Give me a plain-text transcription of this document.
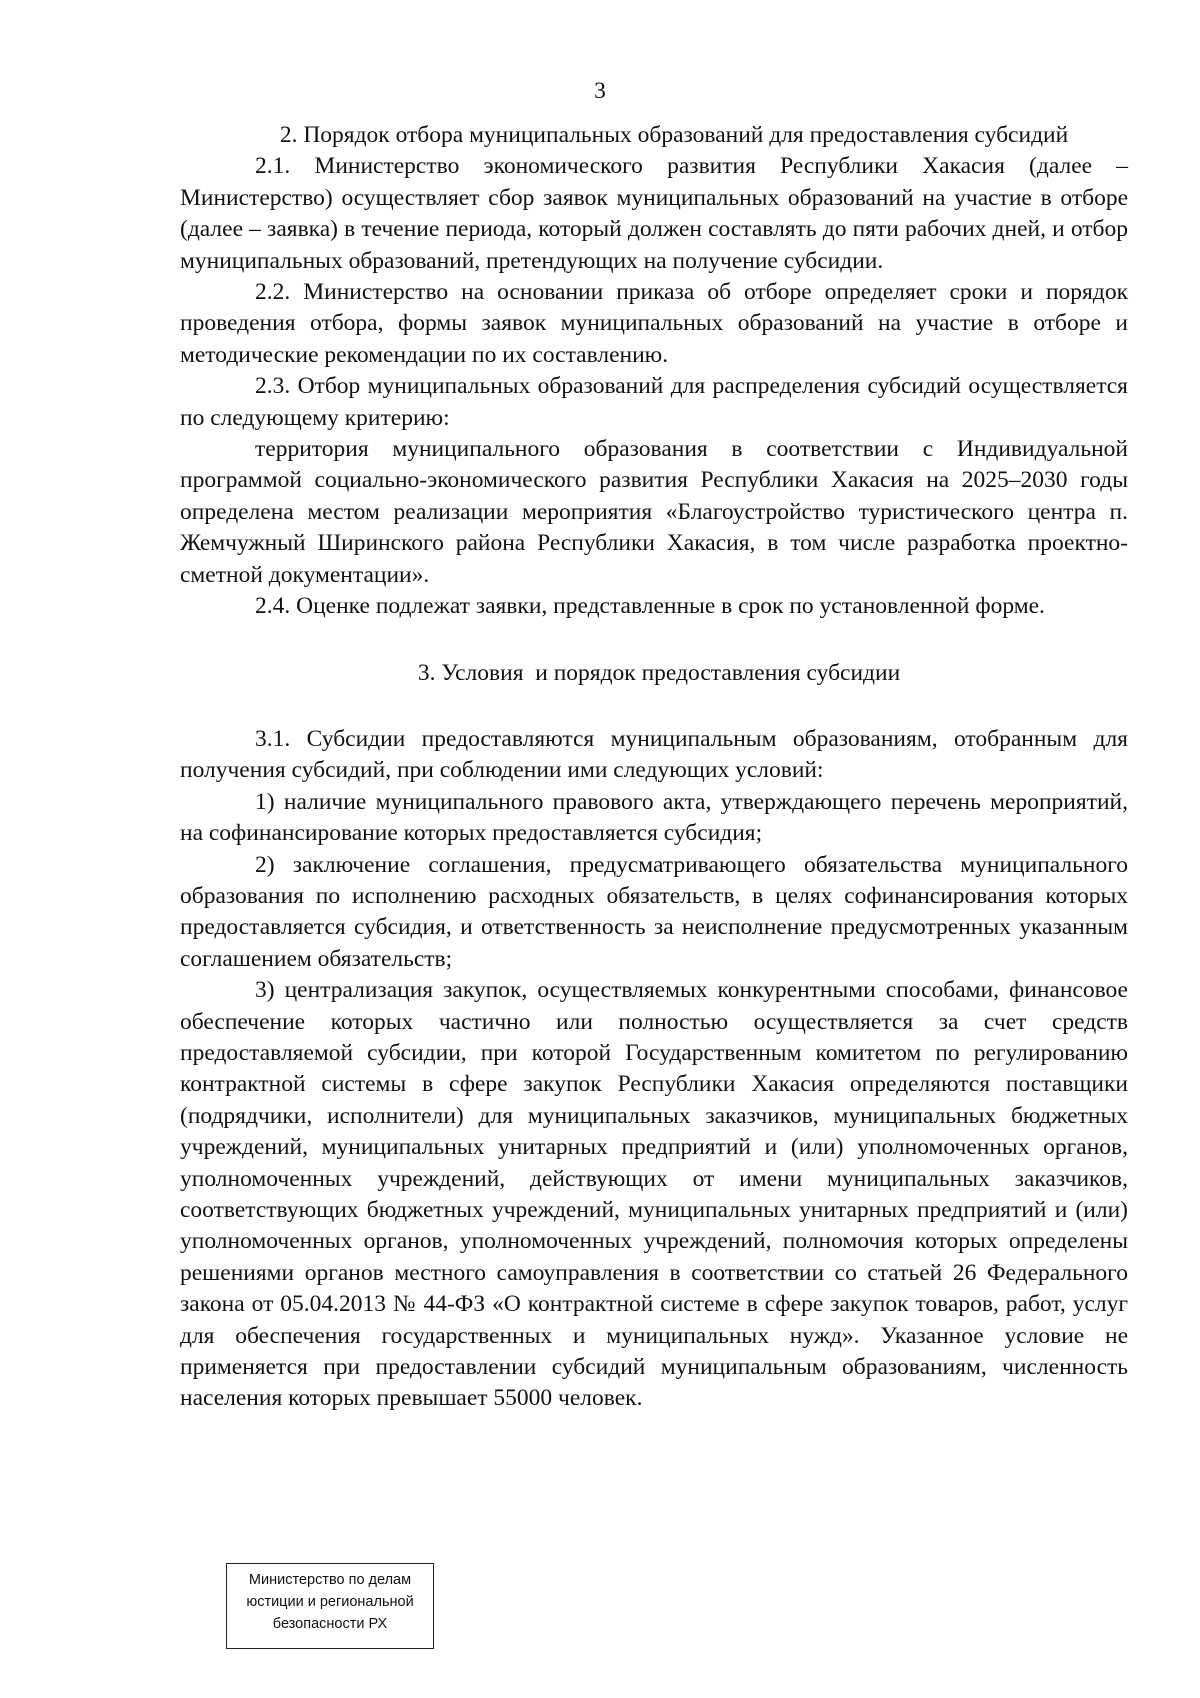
3

2. Порядок отбора муниципальных образований для предоставления субсидий

2.1. Министерство экономического развития Республики Хакасия (далее – Министерство) осуществляет сбор заявок муниципальных образований на участие в отборе (далее – заявка) в течение периода, который должен составлять до пяти рабочих дней, и отбор муниципальных образований, претендующих на получение субсидии.

2.2. Министерство на основании приказа об отборе определяет сроки и порядок проведения отбора, формы заявок муниципальных образований на участие в отборе и методические рекомендации по их составлению.

2.3. Отбор муниципальных образований для распределения субсидий осуществляется по следующему критерию:

территория муниципального образования в соответствии с Индивидуальной программой социально-экономического развития Республики Хакасия на 2025–2030 годы определена местом реализации мероприятия «Благоустройство туристического центра п. Жемчужный Ширинского района Республики Хакасия, в том числе разработка проектно-сметной документации».

2.4. Оценке подлежат заявки, представленные в срок по установленной форме.

3. Условия  и порядок предоставления субсидии

3.1. Субсидии предоставляются муниципальным образованиям, отобранным для получения субсидий, при соблюдении ими следующих условий:

1) наличие муниципального правового акта, утверждающего перечень мероприятий, на софинансирование которых предоставляется субсидия;

2) заключение соглашения, предусматривающего обязательства муниципального образования по исполнению расходных обязательств, в целях софинансирования которых предоставляется субсидия, и ответственность за неисполнение предусмотренных указанным соглашением обязательств;

3) централизация закупок, осуществляемых конкурентными способами, финансовое обеспечение которых частично или полностью осуществляется за счет средств предоставляемой субсидии, при которой Государственным комитетом по регулированию контрактной системы в сфере закупок Республики Хакасия определяются поставщики (подрядчики, исполнители) для муниципальных заказчиков, муниципальных бюджетных учреждений, муниципальных унитарных предприятий и (или) уполномоченных органов, уполномоченных учреждений, действующих от имени муниципальных заказчиков, соответствующих бюджетных учреждений, муниципальных унитарных предприятий и (или) уполномоченных органов, уполномоченных учреждений, полномочия которых определены решениями органов местного самоуправления в соответствии со статьей 26 Федерального закона от 05.04.2013 № 44-ФЗ «О контрактной системе в сфере закупок товаров, работ, услуг для обеспечения государственных и муниципальных нужд». Указанное условие не применяется при предоставлении субсидий муниципальным образованиям, численность населения которых превышает 55000 человек.

Министерство по делам
юстиции и региональной
безопасности РХ
